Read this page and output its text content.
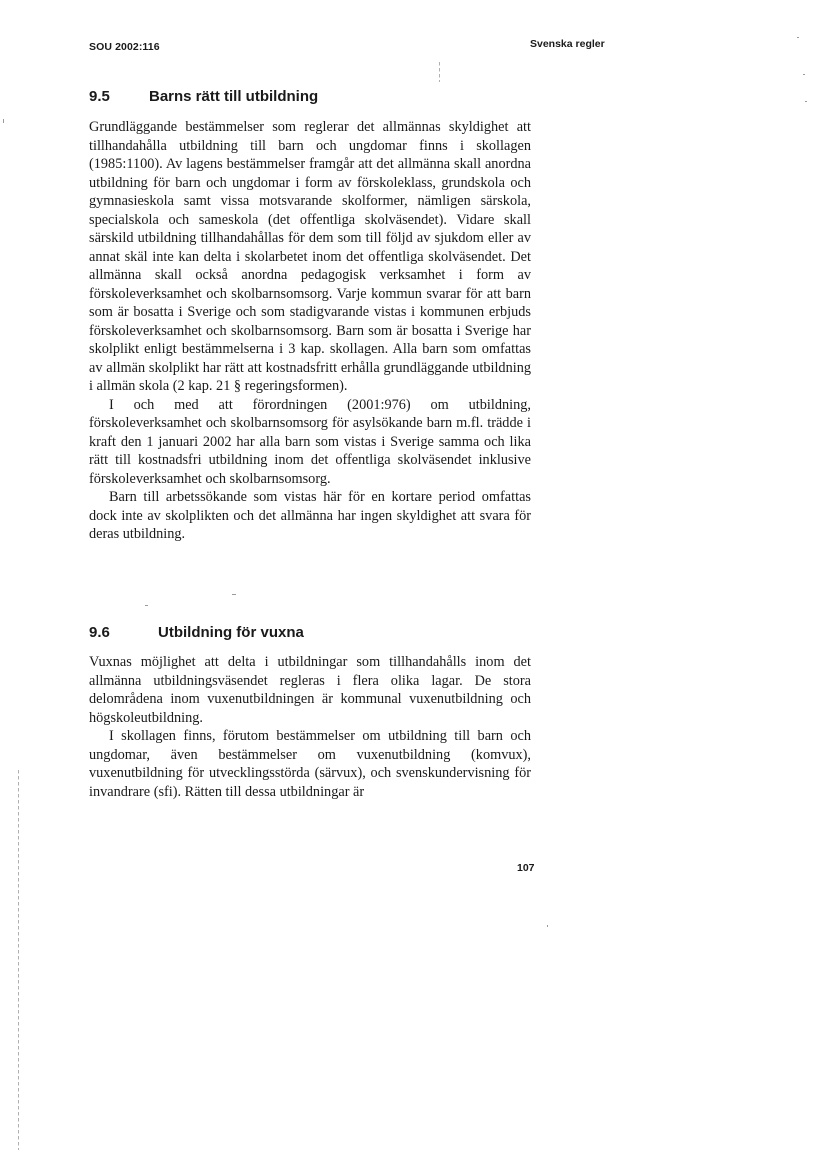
SOU 2002:116	Svenska regler
9.5	Barns rätt till utbildning

Grundläggande bestämmelser som reglerar det allmännas skyldighet att tillhandahålla utbildning till barn och ungdomar finns i skollagen (1985:1100). Av lagens bestämmelser framgår att det allmänna skall anordna utbildning för barn och ungdomar i form av förskoleklass, grundskola och gymnasieskola samt vissa motsvarande skolformer, nämligen särskola, specialskola och sameskola (det offentliga skolväsendet). Vidare skall särskild utbildning tillhandahållas för dem som till följd av sjukdom eller av annat skäl inte kan delta i skolarbetet inom det offentliga skolväsendet. Det allmänna skall också anordna pedagogisk verksamhet i form av förskoleverksamhet och skolbarnsomsorg. Varje kommun svarar för att barn som är bosatta i Sverige och som stadigvarande vistas i kommunen erbjuds förskoleverksamhet och skolbarnsomsorg. Barn som är bosatta i Sverige har skolplikt enligt bestämmelserna i 3 kap. skollagen. Alla barn som omfattas av allmän skolplikt har rätt att kostnadsfritt erhålla grundläggande utbildning i allmän skola (2 kap. 21 § regeringsformen).

I och med att förordningen (2001:976) om utbildning, förskoleverksamhet och skolbarnsomsorg för asylsökande barn m.fl. trädde i kraft den 1 januari 2002 har alla barn som vistas i Sverige samma och lika rätt till kostnadsfri utbildning inom det offentliga skolväsendet inklusive förskoleverksamhet och skolbarnsomsorg.

Barn till arbetssökande som vistas här för en kortare period omfattas dock inte av skolplikten och det allmänna har ingen skyldighet att svara för deras utbildning.

9.6	Utbildning för vuxna

Vuxnas möjlighet att delta i utbildningar som tillhandahålls inom det allmänna utbildningsväsendet regleras i flera olika lagar. De stora delområdena inom vuxenutbildningen är kommunal vuxenutbildning och högskoleutbildning.

I skollagen finns, förutom bestämmelser om utbildning till barn och ungdomar, även bestämmelser om vuxenutbildning (komvux), vuxenutbildning för utvecklingsstörda (särvux), och svenskundervisning för invandrare (sfi). Rätten till dessa utbildningar är

107
